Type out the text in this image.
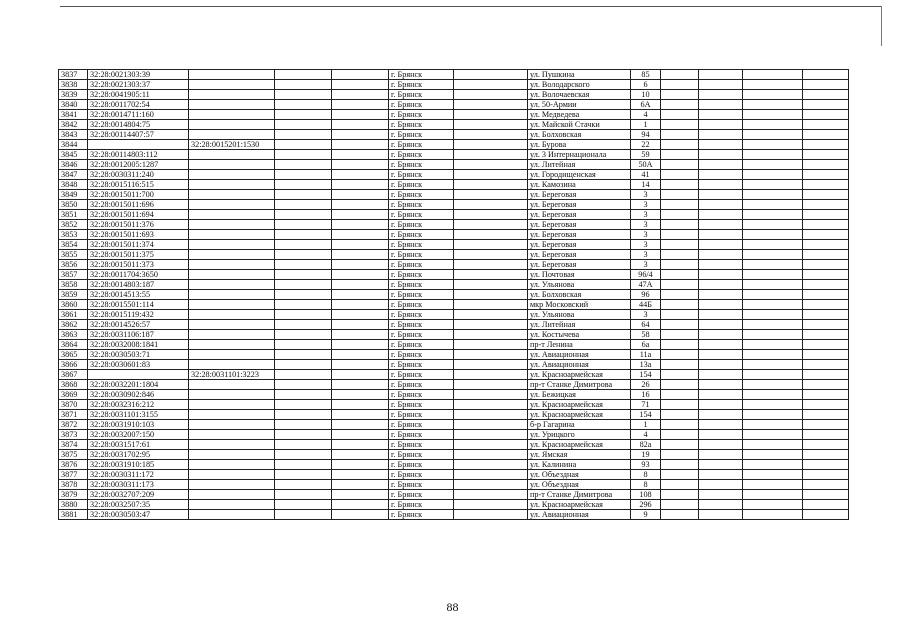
3837	32:28:0021303:39				г. Брянск		ул. Пушкина	85				
3838	32:28:0021303:37				г. Брянск		ул. Володарского	6				
3839	32:28:0041905:11				г. Брянск		ул. Волочаевская	10				
3840	32:28:0011702:54				г. Брянск		ул. 50-Армии	6А				
3841	32:28:0014711:160				г. Брянск		ул. Медведева	4				
3842	32:28:0014804:75				г. Брянск		ул. Майской Стачки	1				
3843	32:28:00114407:57				г. Брянск		ул. Болховская	94				
3844		32:28:0015201:1530			г. Брянск		ул. Бурова	22				
3845	32:28:00114803:112				г. Брянск		ул. 3 Интернационала	59				
3846	32:28:0012005:1287				г. Брянск		ул. Литейная	50А				
3847	32:28:0030311:240				г. Брянск		ул. Городищенская	41				
3848	32:28:0015116:515				г. Брянск		ул. Камозина	14				
3849	32:28:0015011:700				г. Брянск		ул. Береговая	3				
3850	32:28:0015011:696				г. Брянск		ул. Береговая	3				
3851	32:28:0015011:694				г. Брянск		ул. Береговая	3				
3852	32:28:0015011:376				г. Брянск		ул. Береговая	3				
3853	32:28:0015011:693				г. Брянск		ул. Береговая	3				
3854	32:28:0015011:374				г. Брянск		ул. Береговая	3				
3855	32:28:0015011:375				г. Брянск		ул. Береговая	3				
3856	32:28:0015011:373				г. Брянск		ул. Береговая	3				
3857	32:28:0011704:3650				г. Брянск		ул. Почтовая	96/4				
3858	32:28:0014803:187				г. Брянск		ул. Ульянова	47А				
3859	32:28:0014513:55				г. Брянск		ул. Болховская	96				
3860	32:28:0015501:114				г. Брянск		мкр Московский	44Б				
3861	32:28:0015119:432				г. Брянск		ул. Ульянова	3				
3862	32:28:0014526:57				г. Брянск		ул. Литейная	64				
3863	32:28:0031106:187				г. Брянск		ул. Костычева	58				
3864	32:28:0032008:1841				г. Брянск		пр-т Ленина	6а				
3865	32:28:0030503:71				г. Брянск		ул. Авиационная	11а				
3866	32:28:0030601:83				г. Брянск		ул. Авиационная	13а				
3867		32:28:0031101:3223			г. Брянск		ул. Красноармейская	154				
3868	32:28:0032201:1804				г. Брянск		пр-т Станке Димитрова	26				
3869	32:28:0030902:846				г. Брянск		ул. Бежицкая	16				
3870	32:28:0032316:212				г. Брянск		ул. Красноармейская	71				
3871	32:28:0031101:3155				г. Брянск		ул. Красноармейская	154				
3872	32:28:0031910:103				г. Брянск		б-р Гагарина	1				
3873	32:28:0032007:150				г. Брянск		ул. Урицкого	4				
3874	32:28:0031517:61				г. Брянск		ул. Красноармейская	82а				
3875	32:28:0031702:95				г. Брянск		ул. Ямская	19				
3876	32:28:0031910:185				г. Брянск		ул. Калинина	93				
3877	32:28:0030311:172				г. Брянск		ул. Объездная	8				
3878	32:28:0030311:173				г. Брянск		ул. Объездная	8				
3879	32:28:0032707:209				г. Брянск		пр-т Станке Димитрова	108				
3880	32:28:0032507:35				г. Брянск		ул. Красноармейская	296				
3881	32:28:0030503:47				г. Брянск		ул. Авиационная	9				
88
